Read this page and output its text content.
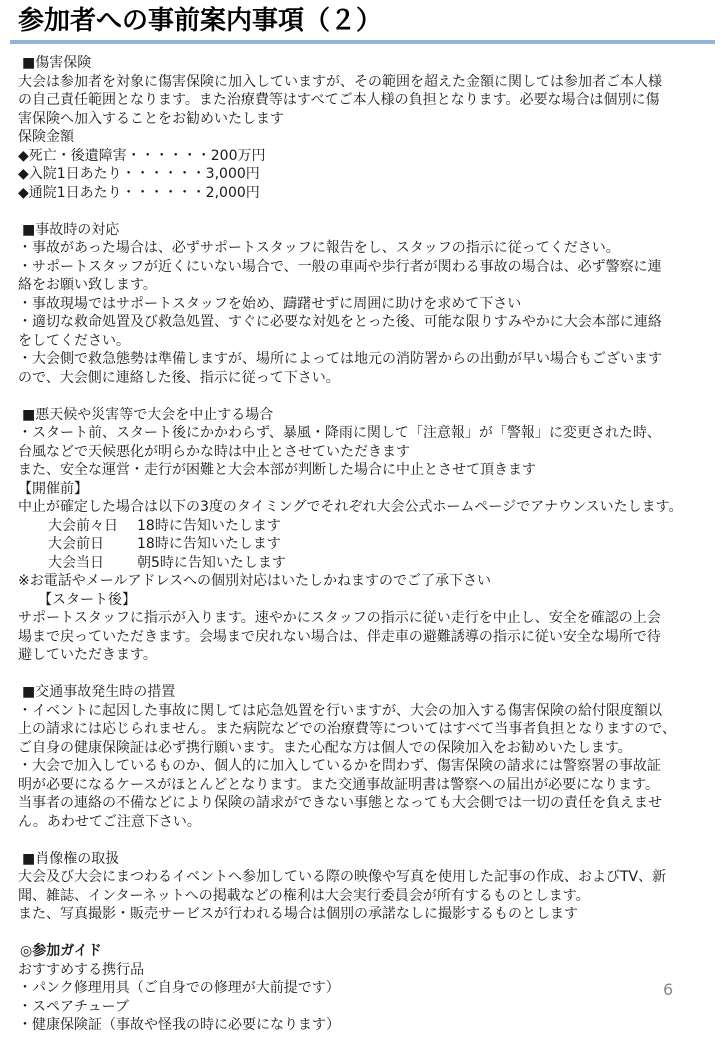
参加者への事前案内事項（２）
■傷害保険
大会は参加者を対象に傷害保険に加入していますが、その範囲を超えた金額に関しては参加者ご本人様
の自己責任範囲となります。また治療費等はすべてご本人様の負担となります。必要な場合は個別に傷
害保険へ加入することをお勧めいたします
保険金額
◆死亡・後遺障害・・・・・・200万円
◆入院1日あたり・・・・・・3,000円
◆通院1日あたり・・・・・・2,000円
■事故時の対応
・事故があった場合は、必ずサポートスタッフに報告をし、スタッフの指示に従ってください。
・サポートスタッフが近くにいない場合で、一般の車両や歩行者が関わる事故の場合は、必ず警察に連
絡をお願い致します。
・事故現場ではサポートスタッフを始め、躊躇せずに周囲に助けを求めて下さい
・適切な救命処置及び救急処置、すぐに必要な対処をとった後、可能な限りすみやかに大会本部に連絡
をしてください。
・大会側で救急態勢は準備しますが、場所によっては地元の消防署からの出動が早い場合もございます
ので、大会側に連絡した後、指示に従って下さい。
■悪天候や災害等で大会を中止する場合
・スタート前、スタート後にかかわらず、暴風・降雨に関して「注意報」が「警報」に変更された時、
台風などで天候悪化が明らかな時は中止とさせていただきます
また、安全な運営・走行が困難と大会本部が判断した場合に中止とさせて頂きます
【開催前】
中止が確定した場合は以下の3度のタイミングでそれぞれ大会公式ホームページでアナウンスいたします。
大会前々日 18時に告知いたします
大会前日 18時に告知いたします
大会当日 朝5時に告知いたします
※お電話やメールアドレスへの個別対応はいたしかねますのでご了承下さい
【スタート後】
サポートスタッフに指示が入ります。速やかにスタッフの指示に従い走行を中止し、安全を確認の上会
場まで戻っていただきます。会場まで戻れない場合は、伴走車の避難誘導の指示に従い安全な場所で待
避していただきます。
■交通事故発生時の措置
・イベントに起因した事故に関しては応急処置を行いますが、大会の加入する傷害保険の給付限度額以
上の請求には応じられません。また病院などでの治療費等についてはすべて当事者負担となりますので、
ご自身の健康保険証は必ず携行願います。また心配な方は個人での保険加入をお勧めいたします。
・大会で加入しているものか、個人的に加入しているかを問わず、傷害保険の請求には警察署の事故証
明が必要になるケースがほとんどとなります。また交通事故証明書は警察への届出が必要になります。
当事者の連絡の不備などにより保険の請求ができない事態となっても大会側では一切の責任を負えませ
ん。あわせてご注意下さい。
■肖像権の取扱
大会及び大会にまつわるイベントへ参加している際の映像や写真を使用した記事の作成、およびTV、新
聞、雑誌、インターネットへの掲載などの権利は大会実行委員会が所有するものとします。
また、写真撮影・販売サービスが行われる場合は個別の承諾なしに撮影するものとします
◎参加ガイド
おすすめする携行品
・パンク修理用具（ご自身での修理が大前提です）
・スペアチューブ
・健康保険証（事故や怪我の時に必要になります）
6
